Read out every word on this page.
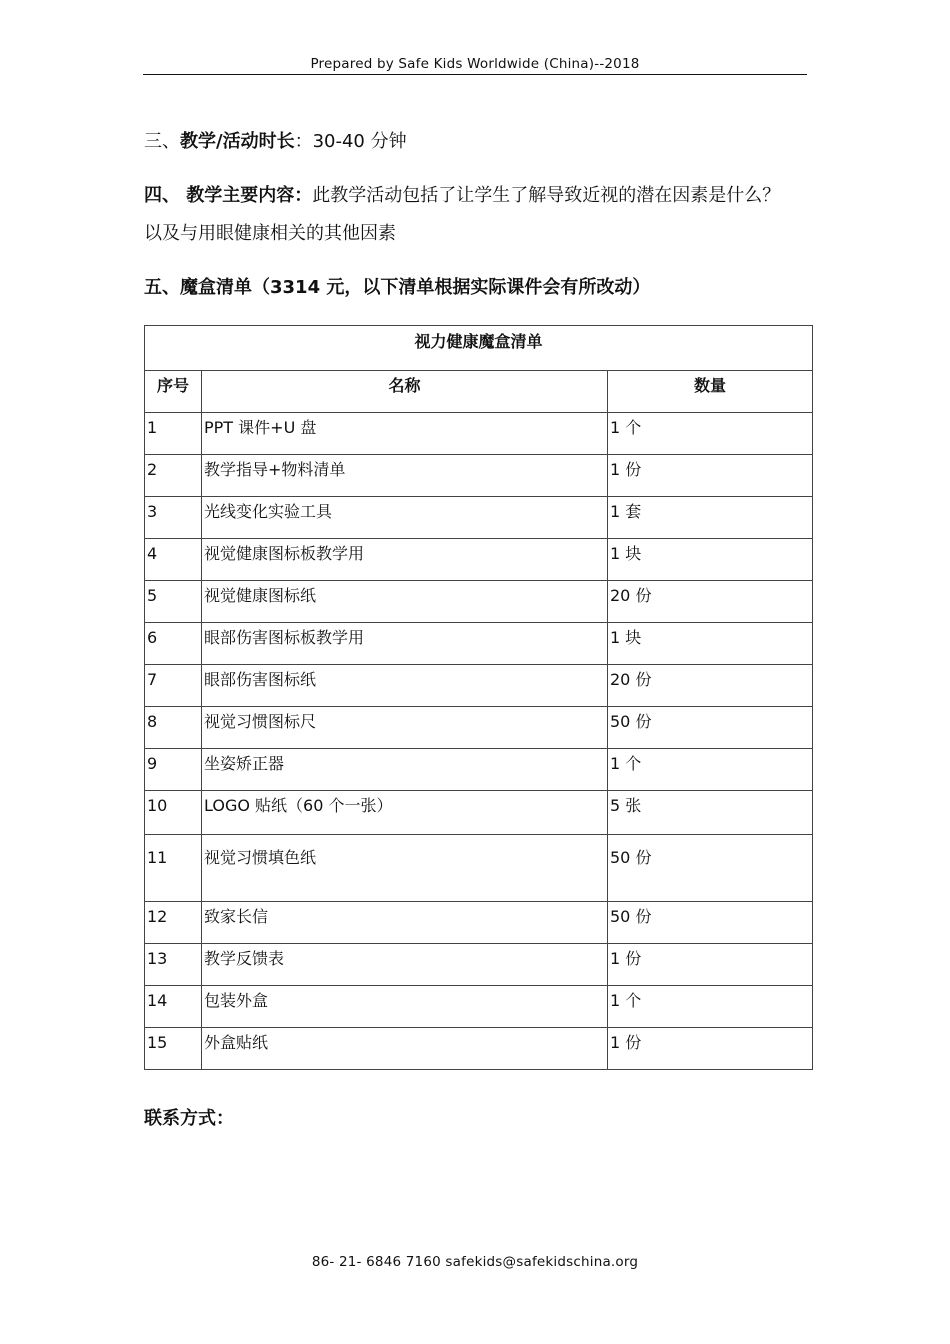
Prepared by Safe Kids Worldwide (China)--2018
三、教学/活动时长：30-40 分钟
四、 教学主要内容：此教学活动包括了让学生了解导致近视的潜在因素是什么？
以及与用眼健康相关的其他因素
五、魔盒清单（3314 元，以下清单根据实际课件会有所改动）
视力健康魔盒清单		
序号	名称	数量
1	PPT 课件+U 盘	1 个
2	教学指导+物料清单	1 份
3	光线变化实验工具	1 套
4	视觉健康图标板教学用	1 块
5	视觉健康图标纸	20 份
6	眼部伤害图标板教学用	1 块
7	眼部伤害图标纸	20 份
8	视觉习惯图标尺	50 份
9	坐姿矫正器	1 个
10	LOGO 贴纸（60 个一张）	5 张
11	视觉习惯填色纸	50 份
12	致家长信	50 份
13	教学反馈表	1 份
14	包装外盒	1 个
15	外盒贴纸	1 份
联系方式：
86- 21- 6846 7160 safekids@safekidschina.org
